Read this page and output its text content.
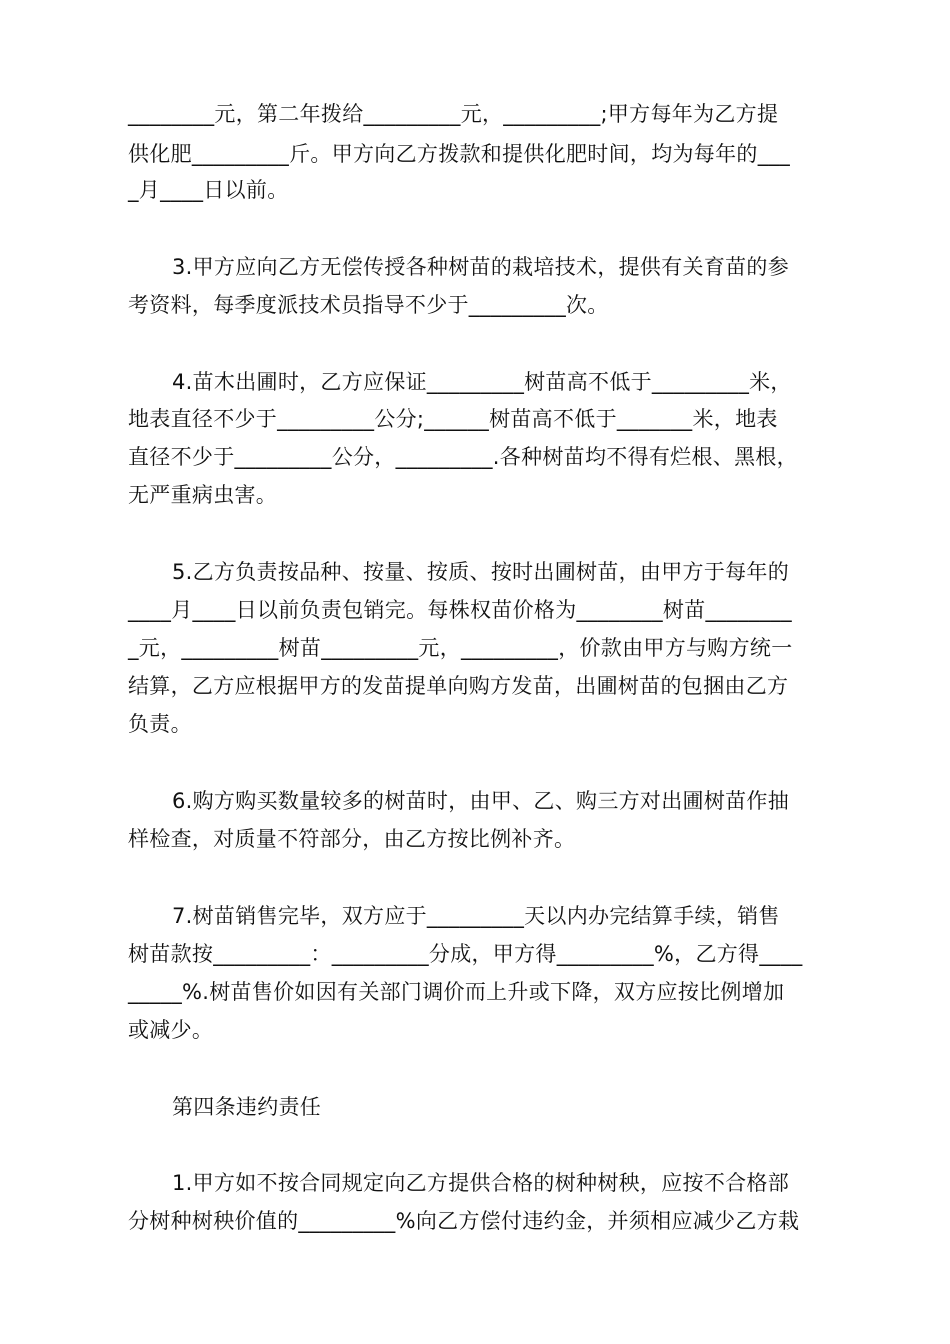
________元，第二年拨给_________元，_________;甲方每年为乙方提
供化肥_________斤。甲方向乙方拨款和提供化肥时间，均为每年的___
_月____日以前。
3.甲方应向乙方无偿传授各种树苗的栽培技术，提供有关育苗的参
考资料，每季度派技术员指导不少于_________次。
4.苗木出圃时，乙方应保证_________树苗高不低于_________米，
地表直径不少于_________公分;______树苗高不低于_______米，地表
直径不少于_________公分，_________.各种树苗均不得有烂根、黑根，
无严重病虫害。
5.乙方负责按品种、按量、按质、按时出圃树苗，由甲方于每年的
____月____日以前负责包销完。每株权苗价格为________树苗________
_元，_________树苗_________元，_________，价款由甲方与购方统一
结算，乙方应根据甲方的发苗提单向购方发苗，出圃树苗的包捆由乙方
负责。
6.购方购买数量较多的树苗时，由甲、乙、购三方对出圃树苗作抽
样检查，对质量不符部分，由乙方按比例补齐。
7.树苗销售完毕，双方应于_________天以内办完结算手续，销售
树苗款按_________：_________分成，甲方得_________%，乙方得____
_____%.树苗售价如因有关部门调价而上升或下降，双方应按比例增加
或减少。
第四条违约责任
1.甲方如不按合同规定向乙方提供合格的树种树秧，应按不合格部
分树种树秧价值的_________%向乙方偿付违约金，并须相应减少乙方栽
